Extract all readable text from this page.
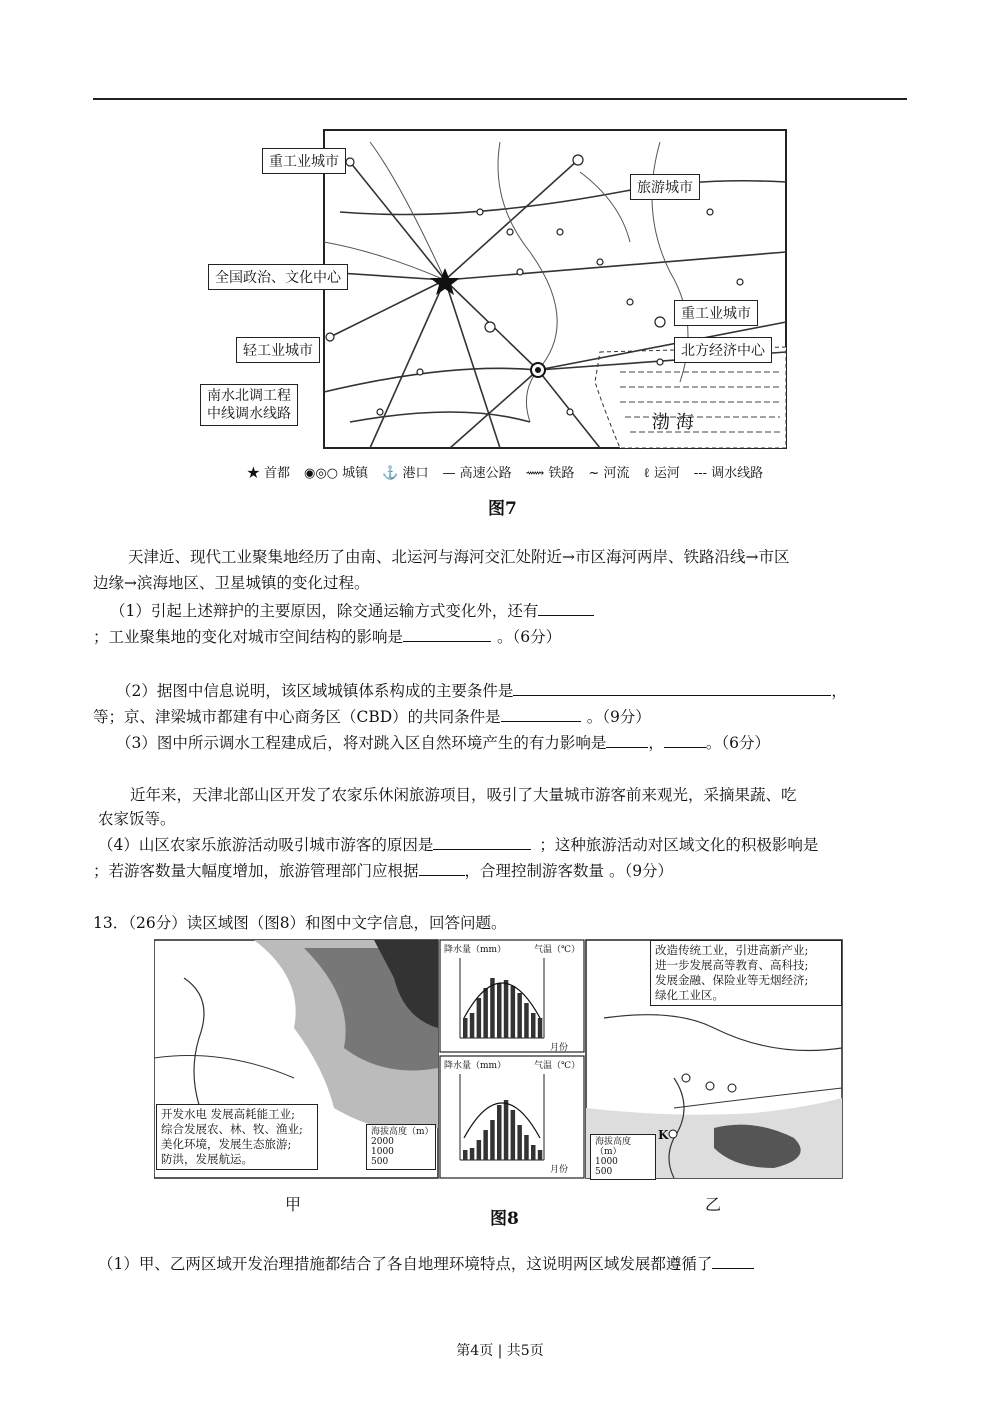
重工业城市
旅游城市
全国政治、文化中心
重工业城市
轻工业城市	北方经济中心
南水北调工程
中线调水线路	渤 海
★ 首都 ◉◎○ 城镇 ⚓ 港口 — 高速公路 ⟿ 铁路 ~ 河流 ℓ 运河 --- 调水线路
图7
天津近、现代工业聚集地经历了由南、北运河与海河交汇处附近→市区海河两岸、铁路沿线→市区
边缘→滨海地区、卫星城镇的变化过程。
（1）引起上述辩护的主要原因，除交通运输方式变化外，还有
；工业聚集地的变化对城市空间结构的影响是	。（6分）
（2）据图中信息说明，该区域城镇体系构成的主要条件是	，
等；京、津梁城市都建有中心商务区（CBD）的共同条件是	。（9分）
（3）图中所示调水工程建成后，将对跳入区自然环境产生的有力影响是	，	。（6分）
近年来，天津北部山区开发了农家乐休闲旅游项目，吸引了大量城市游客前来观光，采摘果蔬、吃
农家饭等。
（4）山区农家乐旅游活动吸引城市游客的原因是	；这种旅游活动对区域文化的积极影响是
；若游客数量大幅度增加，旅游管理部门应根据	，合理控制游客数量 。（9分）
13．（26分）读区域图（图8）和图中文字信息，回答问题。
开发水电 发展高耗能工业;
综合发展农、林、牧、渔业;
美化环境，发展生态旅游;
防洪，发展航运。
海拔高度（m）
2000
1000
500
降水量（mm）	气温（℃）
月份
降水量（mm）	气温（℃）
月份
改造传统工业，引进高新产业;
进一步发展高等教育、高科技;
发展金融、保险业等无烟经济;
绿化工业区。
海拔高度（m）
1000
500
K
甲	乙
图8
（1）甲、乙两区域开发治理措施都结合了各自地理环境特点，这说明两区域发展都遵循了
第4页 | 共5页
